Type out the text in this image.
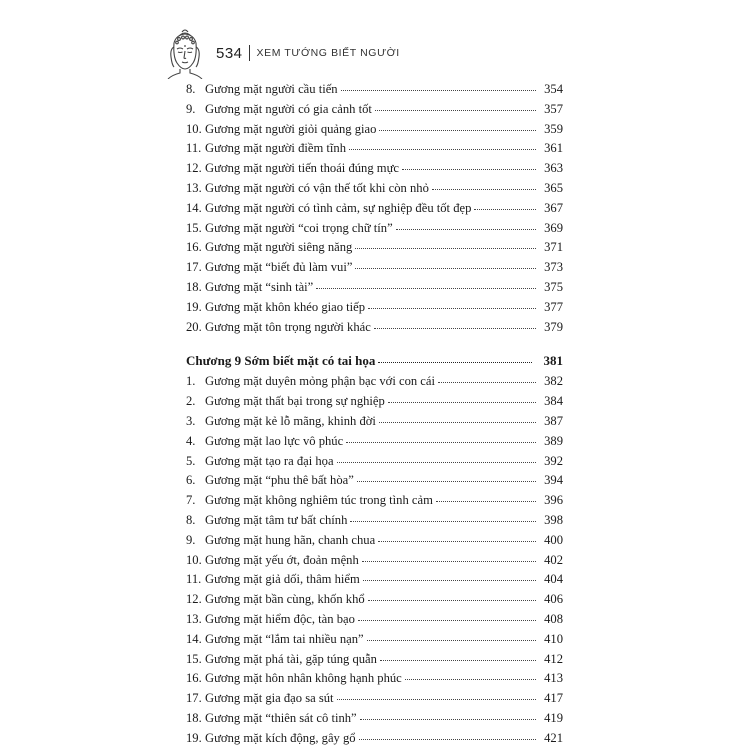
534 XEM TƯỚNG BIẾT NGƯỜI
8. Gương mặt người cầu tiến	354
9. Gương mặt người có gia cảnh tốt	357
10. Gương mặt người giỏi quảng giao	359
11. Gương mặt người điềm tĩnh	361
12. Gương mặt người tiến thoái đúng mực	363
13. Gương mặt người có vận thế tốt khi còn nhỏ	365
14. Gương mặt người có tình cảm, sự nghiệp đều tốt đẹp	367
15. Gương mặt người “coi trọng chữ tín”	369
16. Gương mặt người siêng năng	371
17. Gương mặt “biết đủ làm vui”	373
18. Gương mặt “sinh tài”	375
19. Gương mặt khôn khéo giao tiếp	377
20. Gương mặt tôn trọng người khác	379
Chương 9 Sớm biết mặt có tai họa	381
1. Gương mặt duyên mỏng phận bạc với con cái	382
2. Gương mặt thất bại trong sự nghiệp	384
3. Gương mặt kẻ lỗ mãng, khinh đời	387
4. Gương mặt lao lực vô phúc	389
5. Gương mặt tạo ra đại họa	392
6. Gương mặt “phu thê bất hòa”	394
7. Gương mặt không nghiêm túc trong tình cảm	396
8. Gương mặt tâm tư bất chính	398
9. Gương mặt hung hãn, chanh chua	400
10. Gương mặt yếu ớt, đoản mệnh	402
11. Gương mặt giả dối, thâm hiểm	404
12. Gương mặt bần cùng, khốn khổ	406
13. Gương mặt hiểm độc, tàn bạo	408
14. Gương mặt “lắm tai nhiều nạn”	410
15. Gương mặt phá tài, gặp túng quẫn	412
16. Gương mặt hôn nhân không hạnh phúc	413
17. Gương mặt gia đạo sa sút	417
18. Gương mặt “thiên sát cô tinh”	419
19. Gương mặt kích động, gây gổ	421
